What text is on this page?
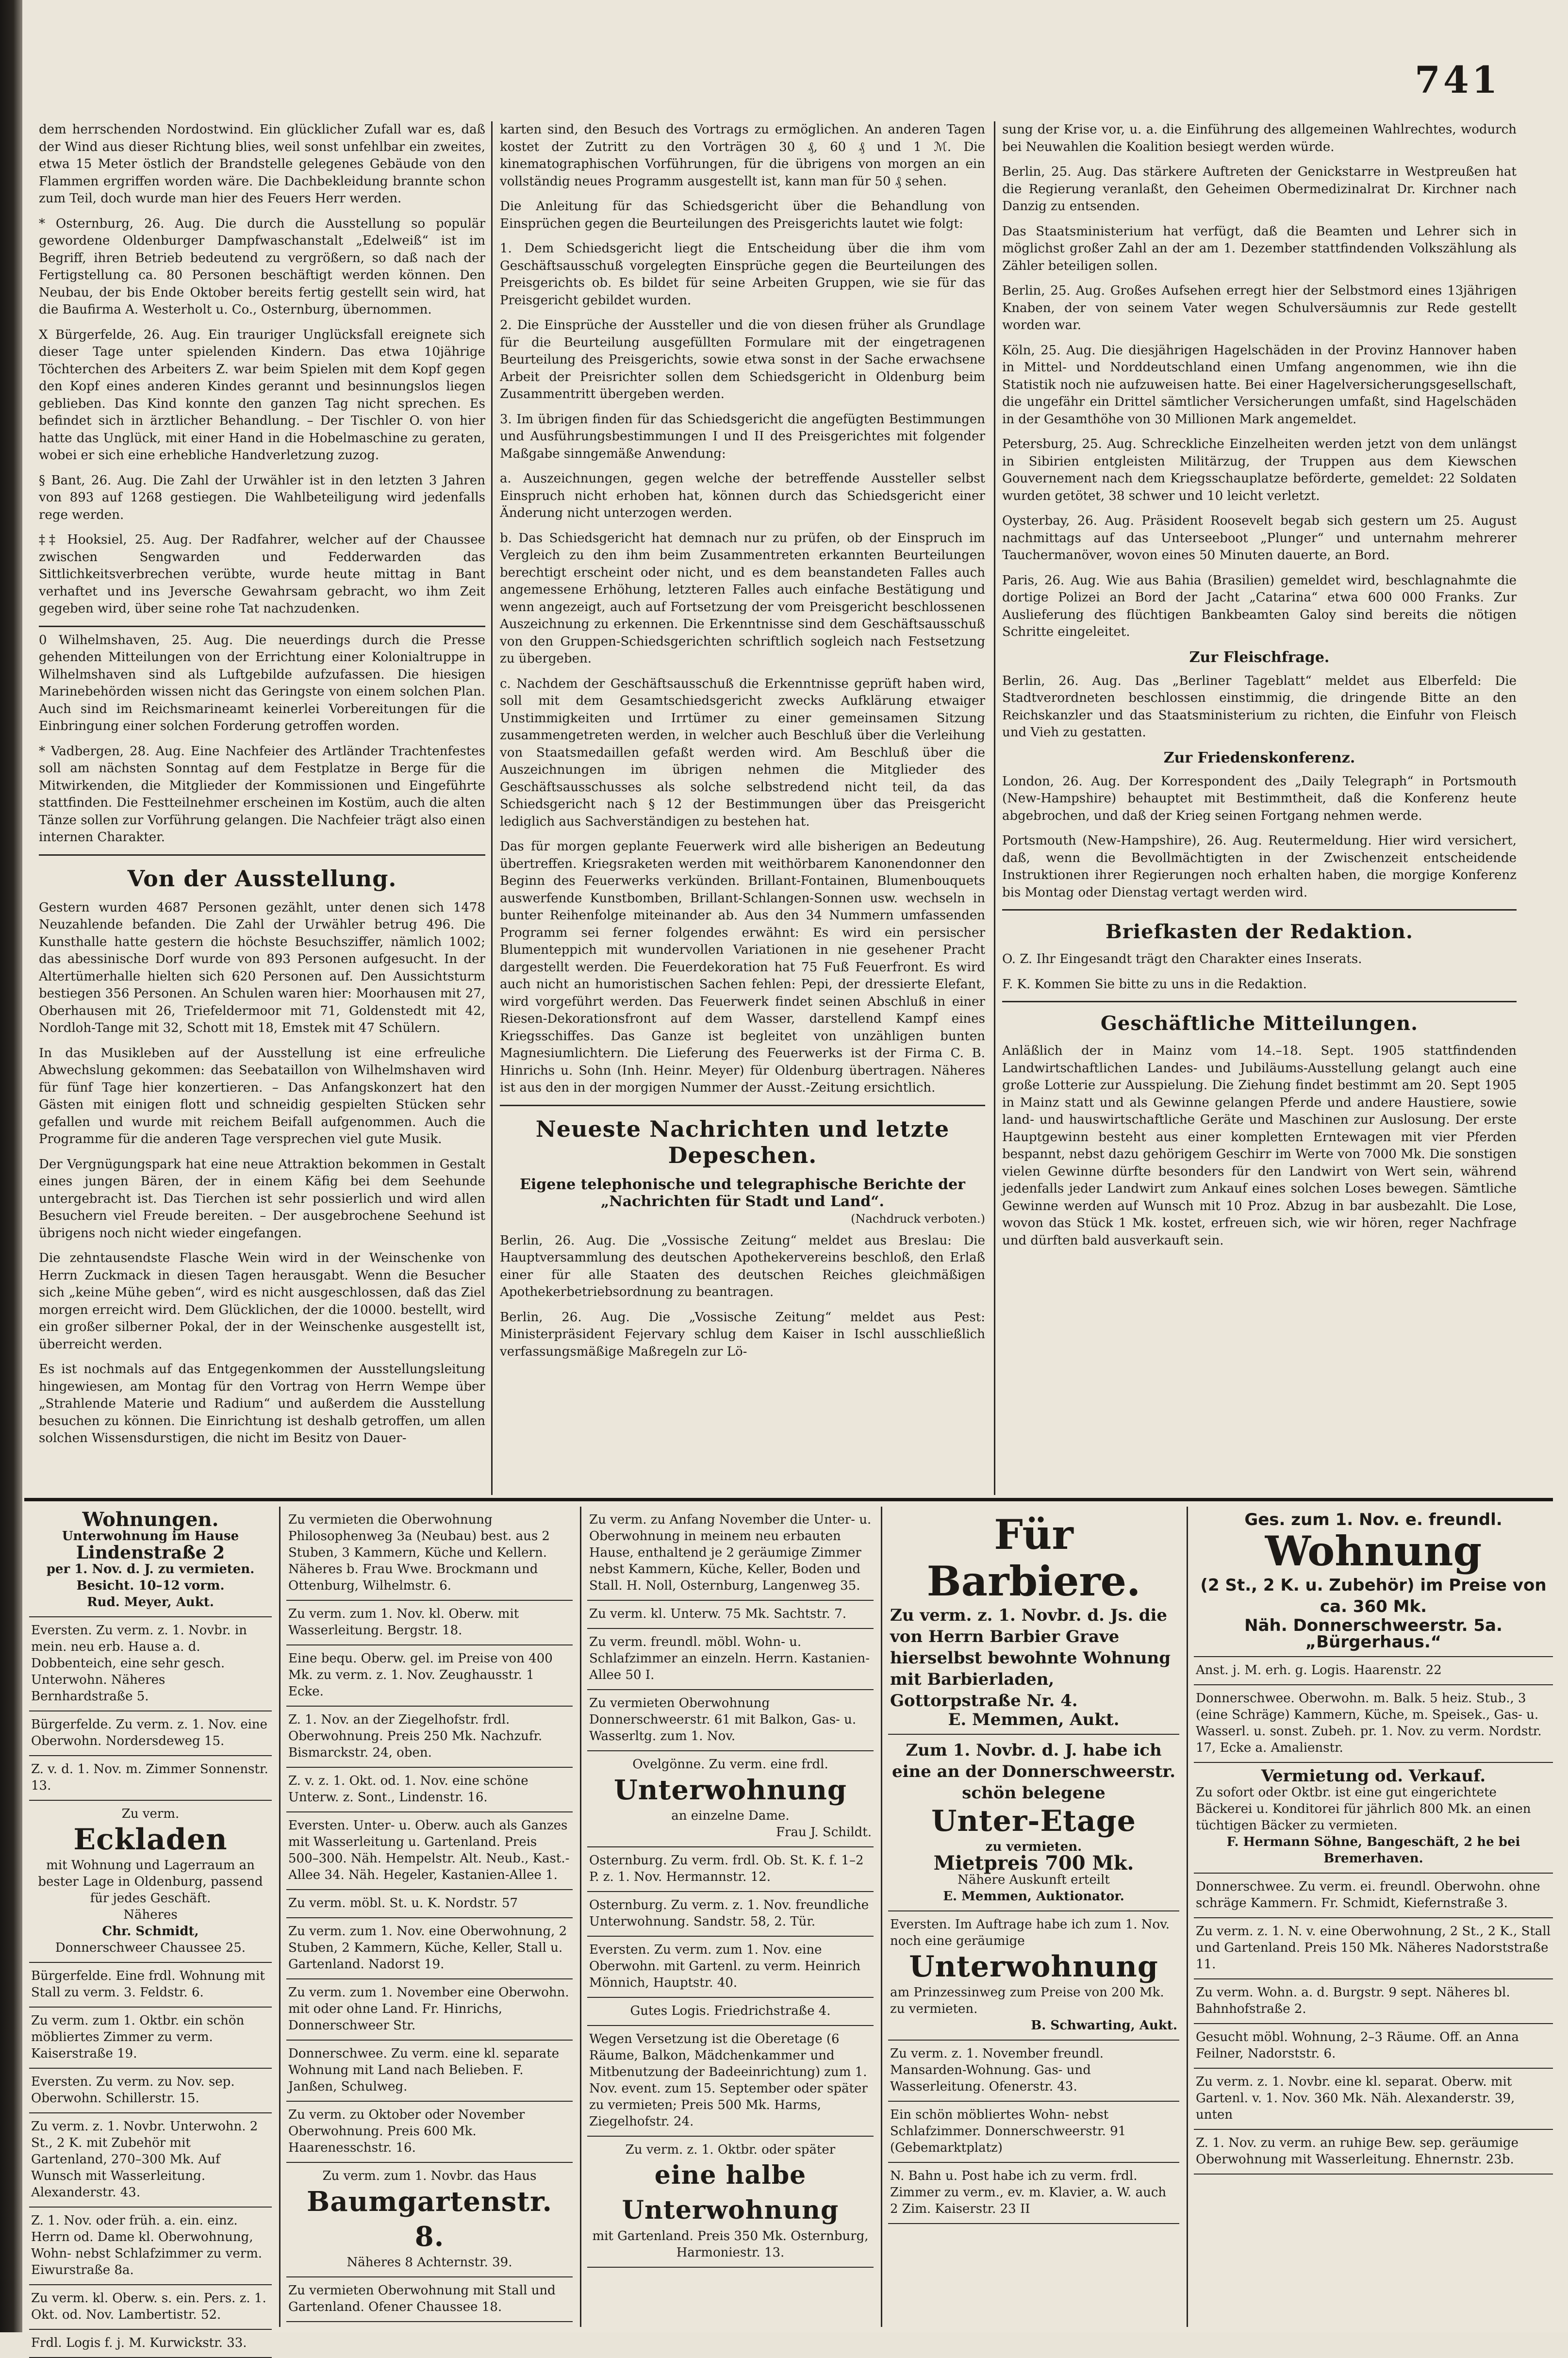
741

dem herrschenden Nordostwind. Ein glücklicher Zufall war es, daß der Wind aus dieser Richtung blies, weil sonst unfehlbar ein zweites, etwa 15 Meter östlich der Brandstelle gelegenes Gebäude von den Flammen ergriffen worden wäre. Die Dachbekleidung brannte schon zum Teil, doch wurde man hier des Feuers Herr werden.

* Osternburg, 26. Aug. Die durch die Ausstellung so populär gewordene Oldenburger Dampfwaschanstalt „Edelweiß“ ist im Begriff, ihren Betrieb bedeutend zu vergrößern, so daß nach der Fertigstellung ca. 80 Personen beschäftigt werden können. Den Neubau, der bis Ende Oktober bereits fertig gestellt sein wird, hat die Baufirma A. Westerholt u. Co., Osternburg, übernommen.

X Bürgerfelde, 26. Aug. Ein trauriger Unglücksfall ereignete sich dieser Tage unter spielenden Kindern. Das etwa 10jährige Töchterchen des Arbeiters Z. war beim Spielen mit dem Kopf gegen den Kopf eines anderen Kindes gerannt und besinnungslos liegen geblieben. Das Kind konnte den ganzen Tag nicht sprechen. Es befindet sich in ärztlicher Behandlung. – Der Tischler O. von hier hatte das Unglück, mit einer Hand in die Hobelmaschine zu geraten, wobei er sich eine erhebliche Handverletzung zuzog.

§ Bant, 26. Aug. Die Zahl der Urwähler ist in den letzten 3 Jahren von 893 auf 1268 gestiegen. Die Wahlbeteiligung wird jedenfalls rege werden.

‡‡ Hooksiel, 25. Aug. Der Radfahrer, welcher auf der Chaussee zwischen Sengwarden und Fedderwarden das Sittlichkeitsverbrechen verübte, wurde heute mittag in Bant verhaftet und ins Jeversche Gewahrsam gebracht, wo ihm Zeit gegeben wird, über seine rohe Tat nachzudenken.

0 Wilhelmshaven, 25. Aug. Die neuerdings durch die Presse gehenden Mitteilungen von der Errichtung einer Kolonialtruppe in Wilhelmshaven sind als Luftgebilde aufzufassen. Die hiesigen Marinebehörden wissen nicht das Geringste von einem solchen Plan. Auch sind im Reichsmarineamt keinerlei Vorbereitungen für die Einbringung einer solchen Forderung getroffen worden.

* Vadbergen, 28. Aug. Eine Nachfeier des Artländer Trachtenfestes soll am nächsten Sonntag auf dem Festplatze in Berge für die Mitwirkenden, die Mitglieder der Kommissionen und Eingeführte stattfinden. Die Festteilnehmer erscheinen im Kostüm, auch die alten Tänze sollen zur Vorführung gelangen. Die Nachfeier trägt also einen internen Charakter.

Von der Ausstellung.

Gestern wurden 4687 Personen gezählt, unter denen sich 1478 Neuzahlende befanden. Die Zahl der Urwähler betrug 496. Die Kunsthalle hatte gestern die höchste Besuchsziffer, nämlich 1002; das abessinische Dorf wurde von 893 Personen aufgesucht. In der Altertümerhalle hielten sich 620 Personen auf. Den Aussichtsturm bestiegen 356 Personen. An Schulen waren hier: Moorhausen mit 27, Oberhausen mit 26, Triefeldermoor mit 71, Goldenstedt mit 42, Nordloh-Tange mit 32, Schott mit 18, Emstek mit 47 Schülern.

In das Musikleben auf der Ausstellung ist eine erfreuliche Abwechslung gekommen: das Seebataillon von Wilhelmshaven wird für fünf Tage hier konzertieren. – Das Anfangskonzert hat den Gästen mit einigen flott und schneidig gespielten Stücken sehr gefallen und wurde mit reichem Beifall aufgenommen. Auch die Programme für die anderen Tage versprechen viel gute Musik.

Der Vergnügungspark hat eine neue Attraktion bekommen in Gestalt eines jungen Bären, der in einem Käfig bei dem Seehunde untergebracht ist. Das Tierchen ist sehr possierlich und wird allen Besuchern viel Freude bereiten. – Der ausgebrochene Seehund ist übrigens noch nicht wieder eingefangen.

Die zehntausendste Flasche Wein wird in der Weinschenke von Herrn Zuckmack in diesen Tagen herausgabt. Wenn die Besucher sich „keine Mühe geben“, wird es nicht ausgeschlossen, daß das Ziel morgen erreicht wird. Dem Glücklichen, der die 10000. bestellt, wird ein großer silberner Pokal, der in der Weinschenke ausgestellt ist, überreicht werden.

Es ist nochmals auf das Entgegenkommen der Ausstellungsleitung hingewiesen, am Montag für den Vortrag von Herrn Wempe über „Strahlende Materie und Radium“ und außerdem die Ausstellung besuchen zu können. Die Einrichtung ist deshalb getroffen, um allen solchen Wissensdurstigen, die nicht im Besitz von Dauer-

karten sind, den Besuch des Vortrags zu ermöglichen. An anderen Tagen kostet der Zutritt zu den Vorträgen 30 ₰, 60 ₰ und 1 ℳ. Die kinematographischen Vorführungen, für die übrigens von morgen an ein vollständig neues Programm ausgestellt ist, kann man für 50 ₰ sehen.

Die Anleitung für das Schiedsgericht über die Behandlung von Einsprüchen gegen die Beurteilungen des Preisgerichts lautet wie folgt:

1. Dem Schiedsgericht liegt die Entscheidung über die ihm vom Geschäftsausschuß vorgelegten Einsprüche gegen die Beurteilungen des Preisgerichts ob. Es bildet für seine Arbeiten Gruppen, wie sie für das Preisgericht gebildet wurden.

2. Die Einsprüche der Aussteller und die von diesen früher als Grundlage für die Beurteilung ausgefüllten Formulare mit der eingetragenen Beurteilung des Preisgerichts, sowie etwa sonst in der Sache erwachsene Arbeit der Preisrichter sollen dem Schiedsgericht in Oldenburg beim Zusammentritt übergeben werden.

3. Im übrigen finden für das Schiedsgericht die angefügten Bestimmungen und Ausführungsbestimmungen I und II des Preisgerichtes mit folgender Maßgabe sinngemäße Anwendung:

a. Auszeichnungen, gegen welche der betreffende Aussteller selbst Einspruch nicht erhoben hat, können durch das Schiedsgericht einer Änderung nicht unterzogen werden.

b. Das Schiedsgericht hat demnach nur zu prüfen, ob der Einspruch im Vergleich zu den ihm beim Zusammentreten erkannten Beurteilungen berechtigt erscheint oder nicht, und es dem beanstandeten Falles auch angemessene Erhöhung, letzteren Falles auch einfache Bestätigung und wenn angezeigt, auch auf Fortsetzung der vom Preisgericht beschlossenen Auszeichnung zu erkennen. Die Erkenntnisse sind dem Geschäftsausschuß von den Gruppen-Schiedsgerichten schriftlich sogleich nach Festsetzung zu übergeben.

c. Nachdem der Geschäftsausschuß die Erkenntnisse geprüft haben wird, soll mit dem Gesamtschiedsgericht zwecks Aufklärung etwaiger Unstimmigkeiten und Irrtümer zu einer gemeinsamen Sitzung zusammengetreten werden, in welcher auch Beschluß über die Verleihung von Staatsmedaillen gefaßt werden wird. Am Beschluß über die Auszeichnungen im übrigen nehmen die Mitglieder des Geschäftsausschusses als solche selbstredend nicht teil, da das Schiedsgericht nach § 12 der Bestimmungen über das Preisgericht lediglich aus Sachverständigen zu bestehen hat.

Das für morgen geplante Feuerwerk wird alle bisherigen an Bedeutung übertreffen. Kriegsraketen werden mit weithörbarem Kanonendonner den Beginn des Feuerwerks verkünden. Brillant-Fontainen, Blumenbouquets auswerfende Kunstbomben, Brillant-Schlangen-Sonnen usw. wechseln in bunter Reihenfolge miteinander ab. Aus den 34 Nummern umfassenden Programm sei ferner folgendes erwähnt: Es wird ein persischer Blumenteppich mit wundervollen Variationen in nie gesehener Pracht dargestellt werden. Die Feuerdekoration hat 75 Fuß Feuerfront. Es wird auch nicht an humoristischen Sachen fehlen: Pepi, der dressierte Elefant, wird vorgeführt werden. Das Feuerwerk findet seinen Abschluß in einer Riesen-Dekorationsfront auf dem Wasser, darstellend Kampf eines Kriegsschiffes. Das Ganze ist begleitet von unzähligen bunten Magnesiumlichtern. Die Lieferung des Feuerwerks ist der Firma C. B. Hinrichs u. Sohn (Inh. Heinr. Meyer) für Oldenburg übertragen. Näheres ist aus den in der morgigen Nummer der Ausst.-Zeitung ersichtlich.

Neueste Nachrichten und letzte Depeschen.
Eigene telephonische und telegraphische Berichte der „Nachrichten für Stadt und Land“.
(Nachdruck verboten.)

Berlin, 26. Aug. Die „Vossische Zeitung“ meldet aus Breslau: Die Hauptversammlung des deutschen Apothekervereins beschloß, den Erlaß einer für alle Staaten des deutschen Reiches gleichmäßigen Apothekerbetriebsordnung zu beantragen.

Berlin, 26. Aug. Die „Vossische Zeitung“ meldet aus Pest: Ministerpräsident Fejervary schlug dem Kaiser in Ischl ausschließlich verfassungsmäßige Maßregeln zur Lö-

sung der Krise vor, u. a. die Einführung des allgemeinen Wahlrechtes, wodurch bei Neuwahlen die Koalition besiegt werden würde.

Berlin, 25. Aug. Das stärkere Auftreten der Genickstarre in Westpreußen hat die Regierung veranlaßt, den Geheimen Obermedizinalrat Dr. Kirchner nach Danzig zu entsenden.

Das Staatsministerium hat verfügt, daß die Beamten und Lehrer sich in möglichst großer Zahl an der am 1. Dezember stattfindenden Volkszählung als Zähler beteiligen sollen.

Berlin, 25. Aug. Großes Aufsehen erregt hier der Selbstmord eines 13jährigen Knaben, der von seinem Vater wegen Schulversäumnis zur Rede gestellt worden war.

Köln, 25. Aug. Die diesjährigen Hagelschäden in der Provinz Hannover haben in Mittel- und Norddeutschland einen Umfang angenommen, wie ihn die Statistik noch nie aufzuweisen hatte. Bei einer Hagelversicherungsgesellschaft, die ungefähr ein Drittel sämtlicher Versicherungen umfaßt, sind Hagelschäden in der Gesamthöhe von 30 Millionen Mark angemeldet.

Petersburg, 25. Aug. Schreckliche Einzelheiten werden jetzt von dem unlängst in Sibirien entgleisten Militärzug, der Truppen aus dem Kiewschen Gouvernement nach dem Kriegsschauplatze beförderte, gemeldet: 22 Soldaten wurden getötet, 38 schwer und 10 leicht verletzt.

Oysterbay, 26. Aug. Präsident Roosevelt begab sich gestern um 25. August nachmittags auf das Unterseeboot „Plunger“ und unternahm mehrerer Tauchermanöver, wovon eines 50 Minuten dauerte, an Bord.

Paris, 26. Aug. Wie aus Bahia (Brasilien) gemeldet wird, beschlagnahmte die dortige Polizei an Bord der Jacht „Catarina“ etwa 600 000 Franks. Zur Auslieferung des flüchtigen Bankbeamten Galoy sind bereits die nötigen Schritte eingeleitet.

Zur Fleischfrage.

Berlin, 26. Aug. Das „Berliner Tageblatt“ meldet aus Elberfeld: Die Stadtverordneten beschlossen einstimmig, die dringende Bitte an den Reichskanzler und das Staatsministerium zu richten, die Einfuhr von Fleisch und Vieh zu gestatten.

Zur Friedenskonferenz.

London, 26. Aug. Der Korrespondent des „Daily Telegraph“ in Portsmouth (New-Hampshire) behauptet mit Bestimmtheit, daß die Konferenz heute abgebrochen, und daß der Krieg seinen Fortgang nehmen werde.

Portsmouth (New-Hampshire), 26. Aug. Reutermeldung. Hier wird versichert, daß, wenn die Bevollmächtigten in der Zwischenzeit entscheidende Instruktionen ihrer Regierungen noch erhalten haben, die morgige Konferenz bis Montag oder Dienstag vertagt werden wird.

Briefkasten der Redaktion.

O. Z. Ihr Eingesandt trägt den Charakter eines Inserats.

F. K. Kommen Sie bitte zu uns in die Redaktion.

Geschäftliche Mitteilungen.

Anläßlich der in Mainz vom 14.–18. Sept. 1905 stattfindenden Landwirtschaftlichen Landes- und Jubiläums-Ausstellung gelangt auch eine große Lotterie zur Ausspielung. Die Ziehung findet bestimmt am 20. Sept 1905 in Mainz statt und als Gewinne gelangen Pferde und andere Haustiere, sowie land- und hauswirtschaftliche Geräte und Maschinen zur Auslosung. Der erste Hauptgewinn besteht aus einer kompletten Erntewagen mit vier Pferden bespannt, nebst dazu gehörigem Geschirr im Werte von 7000 Mk. Die sonstigen vielen Gewinne dürfte besonders für den Landwirt von Wert sein, während jedenfalls jeder Landwirt zum Ankauf eines solchen Loses bewegen. Sämtliche Gewinne werden auf Wunsch mit 10 Proz. Abzug in bar ausbezahlt. Die Lose, wovon das Stück 1 Mk. kostet, erfreuen sich, wie wir hören, reger Nachfrage und dürften bald ausverkauft sein.

Wohnungen.
Unterwohnung im Hause
Lindenstraße 2
per 1. Nov. d. J. zu vermieten.
Besicht. 10–12 vorm.
Rud. Meyer, Aukt.
Eversten. Zu verm. z. 1. Novbr. in mein. neu erb. Hause a. d. Dobbenteich, eine sehr gesch. Unterwohn. Näheres Bernhardstraße 5.
Bürgerfelde. Zu verm. z. 1. Nov. eine Oberwohn. Nordersdeweg 15.
Z. v. d. 1. Nov. m. Zimmer Sonnenstr. 13.
Zu verm.
Eckladen
mit Wohnung und Lagerraum an bester Lage in Oldenburg, passend für jedes Geschäft.
Näheres
Chr. Schmidt,
Donnerschweer Chaussee 25.
Bürgerfelde. Eine frdl. Wohnung mit Stall zu verm. 3. Feldstr. 6.
Zu verm. zum 1. Oktbr. ein schön möbliertes Zimmer zu verm. Kaiserstraße 19.
Eversten. Zu verm. zu Nov. sep. Oberwohn. Schillerstr. 15.
Zu verm. z. 1. Novbr. Unterwohn. 2 St., 2 K. mit Zubehör mit Gartenland, 270–300 Mk. Auf Wunsch mit Wasserleitung. Alexanderstr. 43.
Z. 1. Nov. oder früh. a. ein. einz. Herrn od. Dame kl. Oberwohnung, Wohn- nebst Schlafzimmer zu verm. Eiwurstraße 8a.
Zu verm. kl. Oberw. s. ein. Pers. z. 1. Okt. od. Nov. Lambertistr. 52.
Frdl. Logis f. j. M. Kurwickstr. 33.
Zu vermieten die Oberwohnung Philosophenweg 3a (Neubau) best. aus 2 Stuben, 3 Kammern, Küche und Kellern. Näheres b. Frau Wwe. Brockmann und Ottenburg, Wilhelmstr. 6.
Zu verm. zum 1. Nov. kl. Oberw. mit Wasserleitung. Bergstr. 18.
Eine bequ. Oberw. gel. im Preise von 400 Mk. zu verm. z. 1. Nov. Zeughausstr. 1 Ecke.
Z. 1. Nov. an der Ziegelhofstr. frdl. Oberwohnung. Preis 250 Mk. Nachzufr. Bismarckstr. 24, oben.
Z. v. z. 1. Okt. od. 1. Nov. eine schöne Unterw. z. Sont., Lindenstr. 16.
Eversten. Unter- u. Oberw. auch als Ganzes mit Wasserleitung u. Gartenland. Preis 500–300. Näh. Hempelstr. Alt. Neub., Kast.-Allee 34. Näh. Hegeler, Kastanien-Allee 1.
Zu verm. möbl. St. u. K. Nordstr. 57
Zu verm. zum 1. Nov. eine Oberwohnung, 2 Stuben, 2 Kammern, Küche, Keller, Stall u. Gartenland. Nadorst 19.
Zu verm. zum 1. November eine Oberwohn. mit oder ohne Land. Fr. Hinrichs, Donnerschweer Str.
Donnerschwee. Zu verm. eine kl. separate Wohnung mit Land nach Belieben. F. Janßen, Schulweg.
Zu verm. zu Oktober oder November Oberwohnung. Preis 600 Mk. Haarenesschstr. 16.
Zu verm. zum 1. Novbr. das Haus
Baumgartenstr. 8.
Näheres 8 Achternstr. 39.
Zu vermieten Oberwohnung mit Stall und Gartenland. Ofener Chaussee 18.
Zu verm. zu Anfang November die Unter- u. Oberwohnung in meinem neu erbauten Hause, enthaltend je 2 geräumige Zimmer nebst Kammern, Küche, Keller, Boden und Stall. H. Noll, Osternburg, Langenweg 35.
Zu verm. kl. Unterw. 75 Mk. Sachtstr. 7.
Zu verm. freundl. möbl. Wohn- u. Schlafzimmer an einzeln. Herrn. Kastanien-Allee 50 I.
Zu vermieten Oberwohnung Donnerschweerstr. 61 mit Balkon, Gas- u. Wasserltg. zum 1. Nov.
Ovelgönne. Zu verm. eine frdl.
Unterwohnung
an einzelne Dame.
Frau J. Schildt.
Osternburg. Zu verm. frdl. Ob. St. K. f. 1–2 P. z. 1. Nov. Hermannstr. 12.
Osternburg. Zu verm. z. 1. Nov. freundliche Unterwohnung. Sandstr. 58, 2. Tür.
Eversten. Zu verm. zum 1. Nov. eine Oberwohn. mit Gartenl. zu verm. Heinrich Mönnich, Hauptstr. 40.
Gutes Logis. Friedrichstraße 4.
Wegen Versetzung ist die Oberetage (6 Räume, Balkon, Mädchenkammer und Mitbenutzung der Badeeinrichtung) zum 1. Nov. event. zum 15. September oder später zu vermieten; Preis 500 Mk. Harms, Ziegelhofstr. 24.
Zu verm. z. 1. Oktbr. oder später
eine halbe Unterwohnung
mit Gartenland. Preis 350 Mk. Osternburg, Harmoniestr. 13.
Für Barbiere.
Zu verm. z. 1. Novbr. d. Js. die von Herrn Barbier Grave hierselbst bewohnte Wohnung mit Barbierladen, Gottorpstraße Nr. 4.
E. Memmen, Aukt.
Zum 1. Novbr. d. J. habe ich eine an der Donnerschweerstr. schön belegene
Unter-Etage
zu vermieten.
Mietpreis 700 Mk.
Nähere Auskunft erteilt
E. Memmen, Auktionator.
Eversten. Im Auftrage habe ich zum 1. Nov. noch eine geräumige
Unterwohnung
am Prinzessinweg zum Preise von 200 Mk. zu vermieten.
B. Schwarting, Aukt.
Zu verm. z. 1. November freundl. Mansarden-Wohnung. Gas- und Wasserleitung. Ofenerstr. 43.
Ein schön möbliertes Wohn- nebst Schlafzimmer. Donnerschweerstr. 91 (Gebemarktplatz)
N. Bahn u. Post habe ich zu verm. frdl. Zimmer zu verm., ev. m. Klavier, a. W. auch 2 Zim. Kaiserstr. 23 II
Ges. zum 1. Nov. e. freundl.
Wohnung
(2 St., 2 K. u. Zubehör) im Preise von ca. 360 Mk.
Näh. Donnerschweerstr. 5a.
„Bürgerhaus.“
Anst. j. M. erh. g. Logis. Haarenstr. 22
Donnerschwee. Oberwohn. m. Balk. 5 heiz. Stub., 3 (eine Schräge) Kammern, Küche, m. Speisek., Gas- u. Wasserl. u. sonst. Zubeh. pr. 1. Nov. zu verm. Nordstr. 17, Ecke a. Amalienstr.
Vermietung od. Verkauf.
Zu sofort oder Oktbr. ist eine gut eingerichtete Bäckerei u. Konditorei für jährlich 800 Mk. an einen tüchtigen Bäcker zu vermieten.
F. Hermann Söhne, Bangeschäft, 2 he bei Bremerhaven.
Donnerschwee. Zu verm. ei. freundl. Oberwohn. ohne schräge Kammern. Fr. Schmidt, Kiefernstraße 3.
Zu verm. z. 1. N. v. eine Oberwohnung, 2 St., 2 K., Stall und Gartenland. Preis 150 Mk. Näheres Nadorststraße 11.
Zu verm. Wohn. a. d. Burgstr. 9 sept. Näheres bl. Bahnhofstraße 2.
Gesucht möbl. Wohnung, 2–3 Räume. Off. an Anna Feilner, Nadorststr. 6.
Zu verm. z. 1. Novbr. eine kl. separat. Oberw. mit Gartenl. v. 1. Nov. 360 Mk. Näh. Alexanderstr. 39, unten
Z. 1. Nov. zu verm. an ruhige Bew. sep. geräumige Oberwohnung mit Wasserleitung. Ehnernstr. 23b.
